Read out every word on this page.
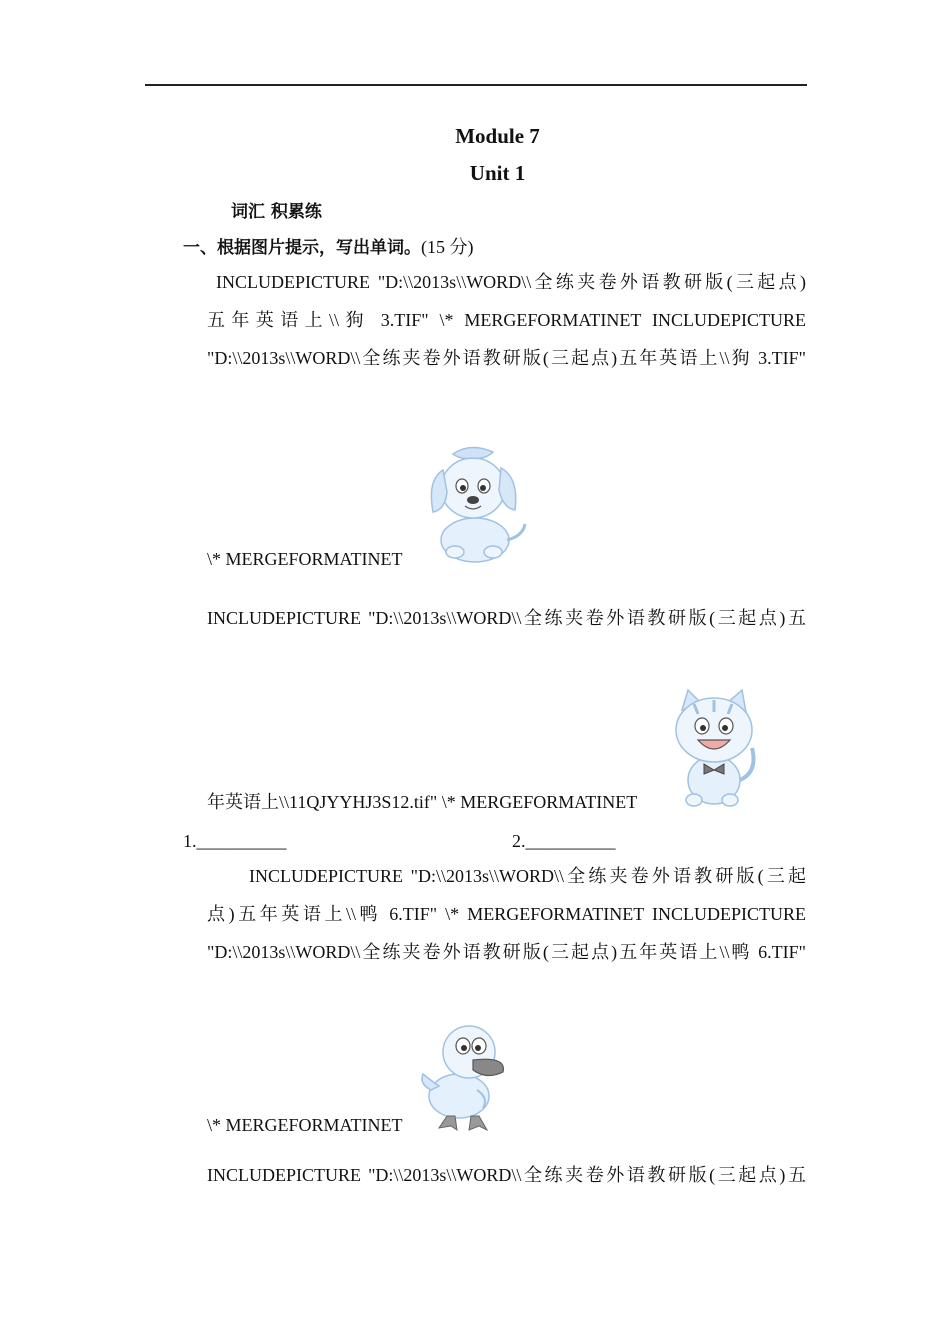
Module 7
Unit 1
词汇 积累练
一、根据图片提示，写出单词。(15 分)
INCLUDEPICTURE "D:\\2013s\\WORD\\全练夹卷外语教研版(三起点)
五年英语上\\狗 3.TIF" \* MERGEFORMATINET INCLUDEPICTURE
"D:\\2013s\\WORD\\全练夹卷外语教研版(三起点)五年英语上\\狗 3.TIF"
\* MERGEFORMATINET
INCLUDEPICTURE "D:\\2013s\\WORD\\全练夹卷外语教研版(三起点)五
年英语上\\11QJYYHJ3S12.tif" \* MERGEFORMATINET
1.__________	2.__________
INCLUDEPICTURE "D:\\2013s\\WORD\\全练夹卷外语教研版(三起
点)五年英语上\\鸭 6.TIF" \* MERGEFORMATINET INCLUDEPICTURE
"D:\\2013s\\WORD\\全练夹卷外语教研版(三起点)五年英语上\\鸭 6.TIF"
\* MERGEFORMATINET
INCLUDEPICTURE "D:\\2013s\\WORD\\全练夹卷外语教研版(三起点)五
